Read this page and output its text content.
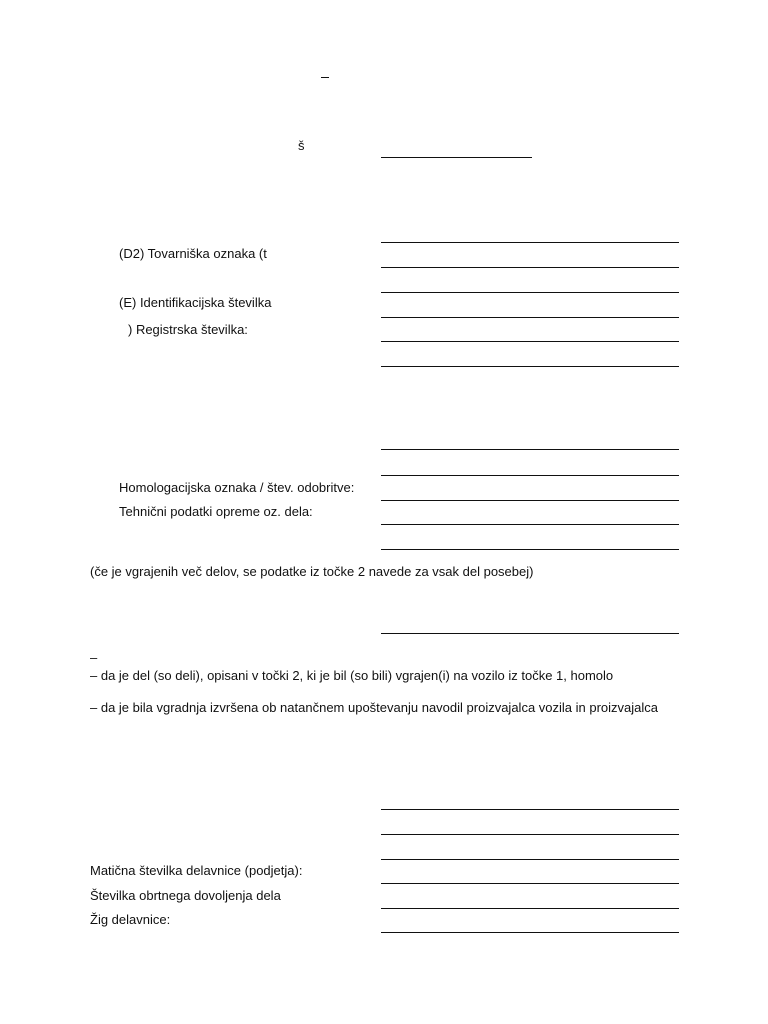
š
(D2) Tovarniška oznaka (t
(E) Identifikacijska številka
) Registrska številka:
Homologacijska oznaka / štev. odobritve:
Tehnični podatki opreme oz. dela:
(če je vgrajenih več delov, se podatke iz točke 2 navede za vsak del posebej)
–
– da je del (so deli), opisani v točki 2, ki je bil (so bili) vgrajen(i) na vozilo iz točke 1, homolo
– da je bila vgradnja izvršena ob natančnem upoštevanju navodil proizvajalca vozila in proizvajalca
Matična številka delavnice (podjetja):
Številka obrtnega dovoljenja dela
Žig delavnice:
